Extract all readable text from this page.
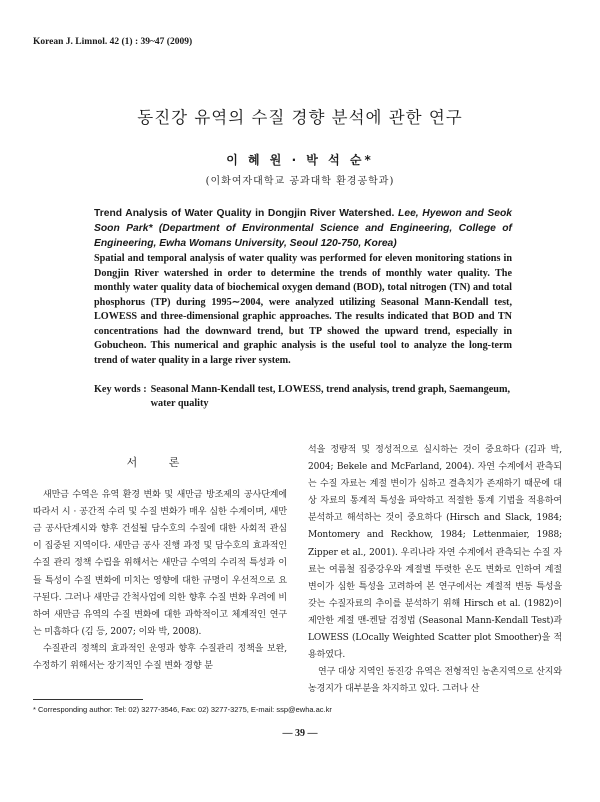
Korean J. Limnol. 42 (1) : 39~47 (2009)
동진강 유역의 수질 경향 분석에 관한 연구
이 혜 원 · 박 석 순*
(이화여자대학교 공과대학 환경공학과)
Trend Analysis of Water Quality in Dongjin River Watershed. Lee, Hyewon and Seok Soon Park* (Department of Environmental Science and Engineering, College of Engineering, Ewha Womans University, Seoul 120-750, Korea)
Spatial and temporal analysis of water quality was performed for eleven monitoring stations in Dongjin River watershed in order to determine the trends of monthly water quality. The monthly water quality data of biochemical oxygen demand (BOD), total nitrogen (TN) and total phosphorus (TP) during 1995∼2004, were analyzed utilizing Seasonal Mann-Kendall test, LOWESS and three-dimensional graphic approaches. The results indicated that BOD and TN concentrations had the downward trend, but TP showed the upward trend, especially in Gobucheon. This numerical and graphic analysis is the useful tool to analyze the long-term trend of water quality in a large river system.
Key words : Seasonal Mann-Kendall test, LOWESS, trend analysis, trend graph, Saemangeum, water quality
서 론

새만금 수역은 유역 환경 변화 및 새만금 방조제의 공사단계에 따라서 시 · 공간적 수리 및 수질 변화가 매우 심한 수계이며, 새만금 공사단계시와 향후 건설될 담수호의 수질에 대한 사회적 관심이 집중된 지역이다. 새만금 공사 진행 과정 및 담수호의 효과적인 수질 관리 정책 수립을 위해서는 새만금 수역의 수리적 특성과 이들 특성이 수질 변화에 미치는 영향에 대한 규명이 우선적으로 요구된다. 그러나 새만금 간척사업에 의한 향후 수질 변화 우려에 비하여 새만금 유역의 수질 변화에 대한 과학적이고 체계적인 연구는 미흡하다 (김 등, 2007; 이와 박, 2008).

수질관리 정책의 효과적인 운영과 향후 수질관리 정책을 보완, 수정하기 위해서는 장기적인 수질 변화 경향 분

석을 정량적 및 정성적으로 실시하는 것이 중요하다 (김과 박, 2004; Bekele and McFarland, 2004). 자연 수계에서 관측되는 수질 자료는 계절 변이가 심하고 결측치가 존재하기 때문에 대상 자료의 통계적 특성을 파악하고 적절한 통계 기법을 적용하여 분석하고 해석하는 것이 중요하다 (Hirsch and Slack, 1984; Montomery and Reckhow, 1984; Lettenmaier, 1988; Zipper et al., 2001). 우리나라 자연 수계에서 관측되는 수질 자료는 여름철 집중강우와 계절별 뚜렷한 온도 변화로 인하여 계절 변이가 심한 특성을 고려하여 본 연구에서는 계절적 변동 특성을 갖는 수질자료의 추이를 분석하기 위해 Hirsch et al. (1982)이 제안한 계절 맨-켄달 검정법 (Seasonal Mann-Kendall Test)과 LOWESS (LOcally Weighted Scatter plot Smoother)을 적용하였다.

연구 대상 지역인 동진강 유역은 전형적인 농촌지역으로 산지와 농경지가 대부분을 차지하고 있다. 그러나 산

* Corresponding author: Tel: 02) 3277-3546, Fax: 02) 3277-3275, E-mail: ssp@ewha.ac.kr
— 39 —
